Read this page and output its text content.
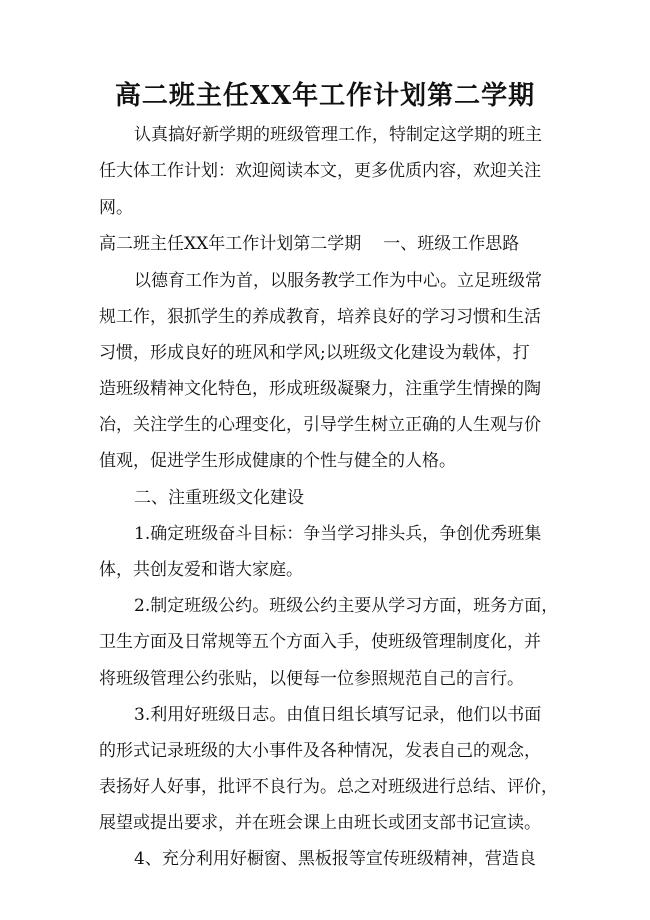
高二班主任XX年工作计划第二学期
认真搞好新学期的班级管理工作，特制定这学期的班主
任大体工作计划：欢迎阅读本文，更多优质内容，欢迎关注
网。
高二班主任XX年工作计划第二学期 一、班级工作思路
以德育工作为首，以服务教学工作为中心。立足班级常
规工作，狠抓学生的养成教育，培养良好的学习习惯和生活
习惯，形成良好的班风和学风;以班级文化建设为载体，打
造班级精神文化特色，形成班级凝聚力，注重学生情操的陶
冶，关注学生的心理变化，引导学生树立正确的人生观与价
值观，促进学生形成健康的个性与健全的人格。
二、注重班级文化建设
1.确定班级奋斗目标：争当学习排头兵，争创优秀班集
体，共创友爱和谐大家庭。
2.制定班级公约。班级公约主要从学习方面，班务方面，
卫生方面及日常规等五个方面入手，使班级管理制度化，并
将班级管理公约张贴，以便每一位参照规范自己的言行。
3.利用好班级日志。由值日组长填写记录，他们以书面
的形式记录班级的大小事件及各种情况，发表自己的观念，
表扬好人好事，批评不良行为。总之对班级进行总结、评价，
展望或提出要求，并在班会课上由班长或团支部书记宣读。
4、充分利用好橱窗、黑板报等宣传班级精神，营造良
